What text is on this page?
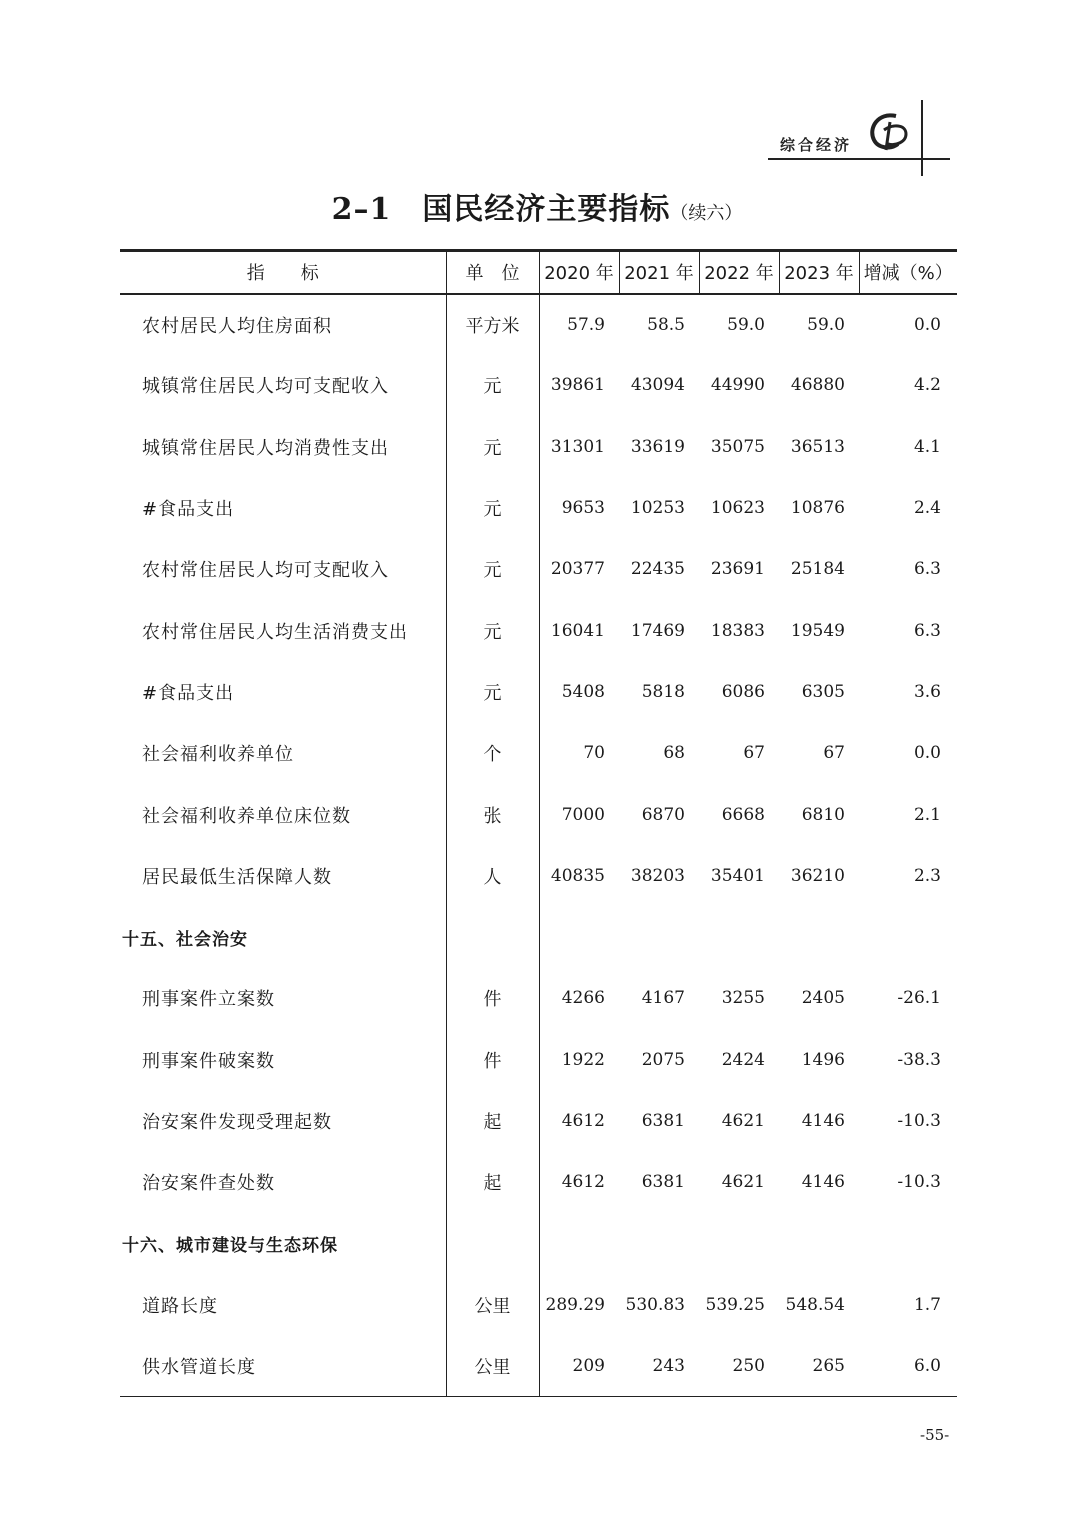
综合经济
2–1　国民经济主要指标（续六）
指　　标	单　位	2020 年	2021 年	2022 年	2023 年	增减（%）
农村居民人均住房面积	平方米	57.9	58.5	59.0	59.0	0.0
城镇常住居民人均可支配收入	元	39861	43094	44990	46880	4.2
城镇常住居民人均消费性支出	元	31301	33619	35075	36513	4.1
#食品支出	元	9653	10253	10623	10876	2.4
农村常住居民人均可支配收入	元	20377	22435	23691	25184	6.3
农村常住居民人均生活消费支出	元	16041	17469	18383	19549	6.3
#食品支出	元	5408	5818	6086	6305	3.6
社会福利收养单位	个	70	68	67	67	0.0
社会福利收养单位床位数	张	7000	6870	6668	6810	2.1
居民最低生活保障人数	人	40835	38203	35401	36210	2.3
十五、社会治安						
刑事案件立案数	件	4266	4167	3255	2405	-26.1
刑事案件破案数	件	1922	2075	2424	1496	-38.3
治安案件发现受理起数	起	4612	6381	4621	4146	-10.3
治安案件查处数	起	4612	6381	4621	4146	-10.3
十六、城市建设与生态环保						
道路长度	公里	289.29	530.83	539.25	548.54	1.7
供水管道长度	公里	209	243	250	265	6.0
-55-
